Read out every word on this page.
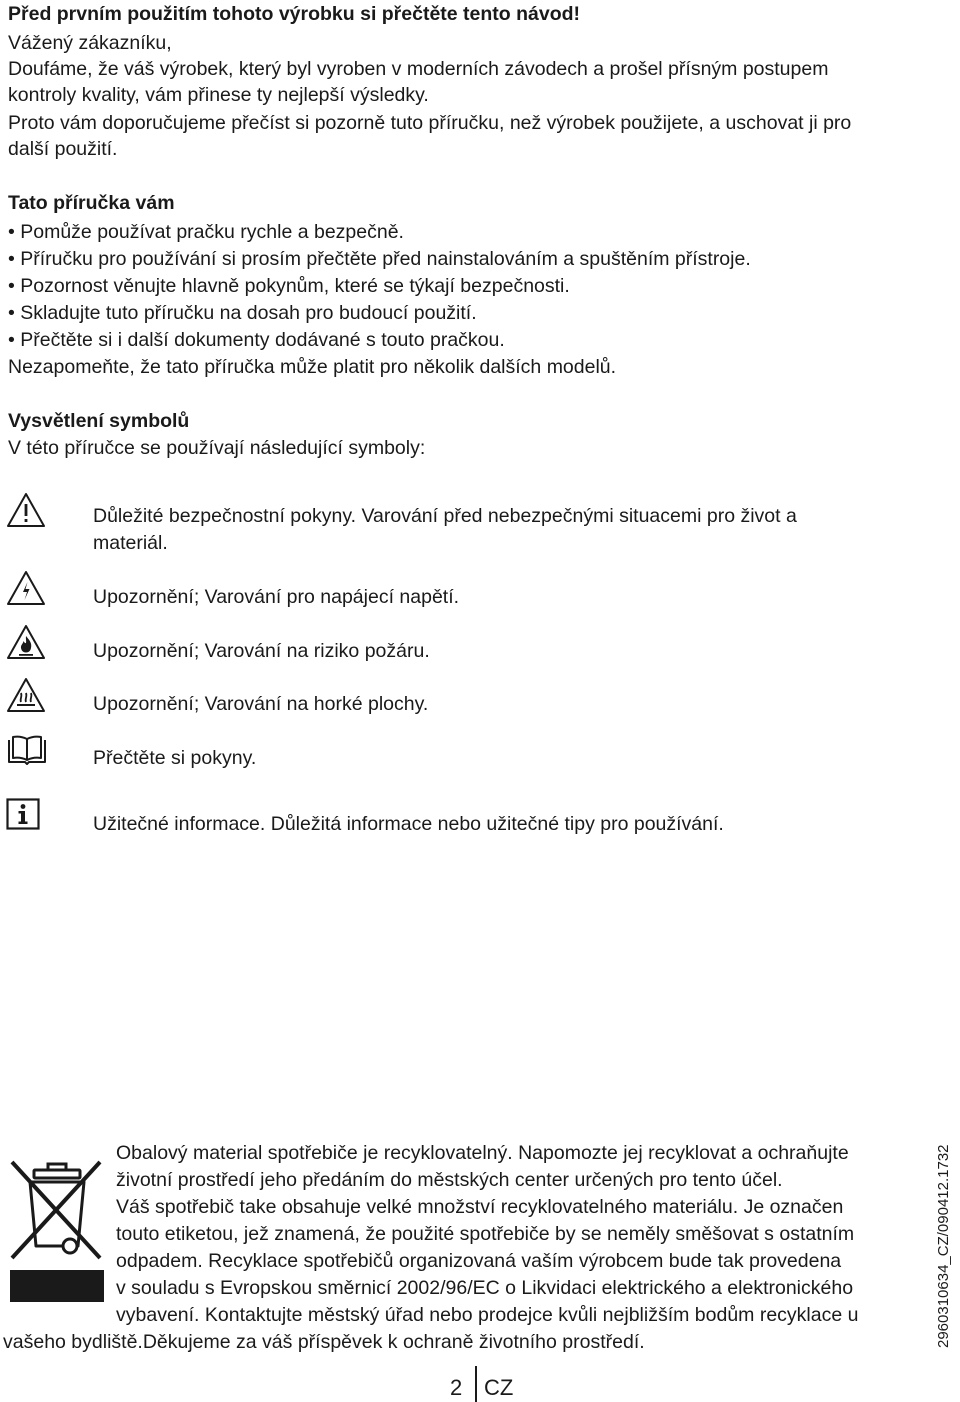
Před prvním použitím tohoto výrobku si přečtěte tento návod!
Vážený zákazníku,
Doufáme, že váš výrobek, který byl vyroben v moderních závodech a prošel přísným postupem
kontroly kvality, vám přinese ty nejlepší výsledky.
Proto vám doporučujeme přečíst si pozorně tuto příručku, než výrobek použijete, a uschovat ji pro
další použití.
Tato příručka vám
• Pomůže používat pračku rychle a bezpečně.
• Příručku pro používání si prosím přečtěte před nainstalováním a spuštěním přístroje.
• Pozornost věnujte hlavně pokynům, které se týkají bezpečnosti.
• Skladujte tuto příručku na dosah pro budoucí použití.
• Přečtěte si i další dokumenty dodávané s touto pračkou.
Nezapomeňte, že tato příručka může platit pro několik dalších modelů.
Vysvětlení symbolů
V této příručce se používají následující symboly:
Důležité bezpečnostní pokyny. Varování před nebezpečnými situacemi pro život a
materiál.
Upozornění; Varování pro napájecí napětí.
Upozornění; Varování na riziko požáru.
Upozornění; Varování na horké plochy.
Přečtěte si pokyny.
Užitečné informace. Důležitá informace nebo užitečné tipy pro používání.
Obalový material spotřebiče je recyklovatelný. Napomozte jej recyklovat a ochraňujte
životní prostředí jeho předáním do městských center určených pro tento účel.
Váš spotřebič take obsahuje velké množství recyklovatelného materiálu. Je označen
touto etiketou, jež znamená, že použité spotřebiče by se neměly směšovat s ostatním
odpadem. Recyklace spotřebičů organizovaná vaším výrobcem bude tak provedena
v souladu s Evropskou směrnicí 2002/96/EC o Likvidaci elektrického a elektronického
vybavení. Kontaktujte městský úřad nebo prodejce kvůli nejbližším bodům recyklace u
vašeho bydliště.Děkujeme za váš příspěvek k ochraně životního prostředí.
2 CZ
2960310634_CZ/090412.1732
